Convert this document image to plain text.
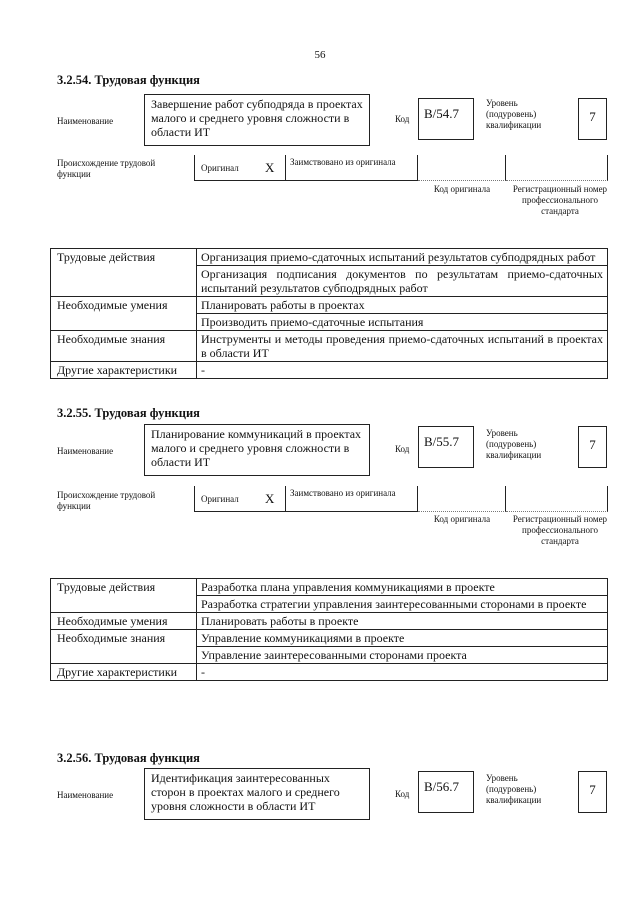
56
3.2.54. Трудовая функция
Наименование
Завершение работ субподряда в проектах малого и среднего уровня сложности в области ИТ
Код	B/54.7
Уровень (подуровень) квалификации
7
Происхождение трудовой функции
Оригинал X Заимствовано из оригинала
Код оригинала	Регистрационный номер профессионального стандарта
Трудовые действия	Организация приемо-сдаточных испытаний результатов субподрядных работ
	Организация подписания документов по результатам приемо-сдаточных испытаний результатов субподрядных работ
Необходимые умения	Планировать работы в проектах
	Производить приемо-сдаточные испытания
Необходимые знания	Инструменты и методы проведения приемо-сдаточных испытаний в проектах в области ИТ
Другие характеристики	-
3.2.55. Трудовая функция
Наименование
Планирование коммуникаций в проектах малого и среднего уровня сложности в области ИТ
Код	B/55.7
Уровень (подуровень) квалификации
7
Происхождение трудовой функции
Оригинал X Заимствовано из оригинала
Код оригинала	Регистрационный номер профессионального стандарта
Трудовые действия	Разработка плана управления коммуникациями в проекте
	Разработка стратегии управления заинтересованными сторонами в проекте
Необходимые умения	Планировать работы в проекте
Необходимые знания	Управление коммуникациями в проекте
	Управление заинтересованными сторонами проекта
Другие характеристики	-
3.2.56. Трудовая функция
Наименование
Идентификация заинтересованных сторон в проектах малого и среднего уровня сложности в области ИТ
Код	B/56.7
Уровень (подуровень) квалификации
7
